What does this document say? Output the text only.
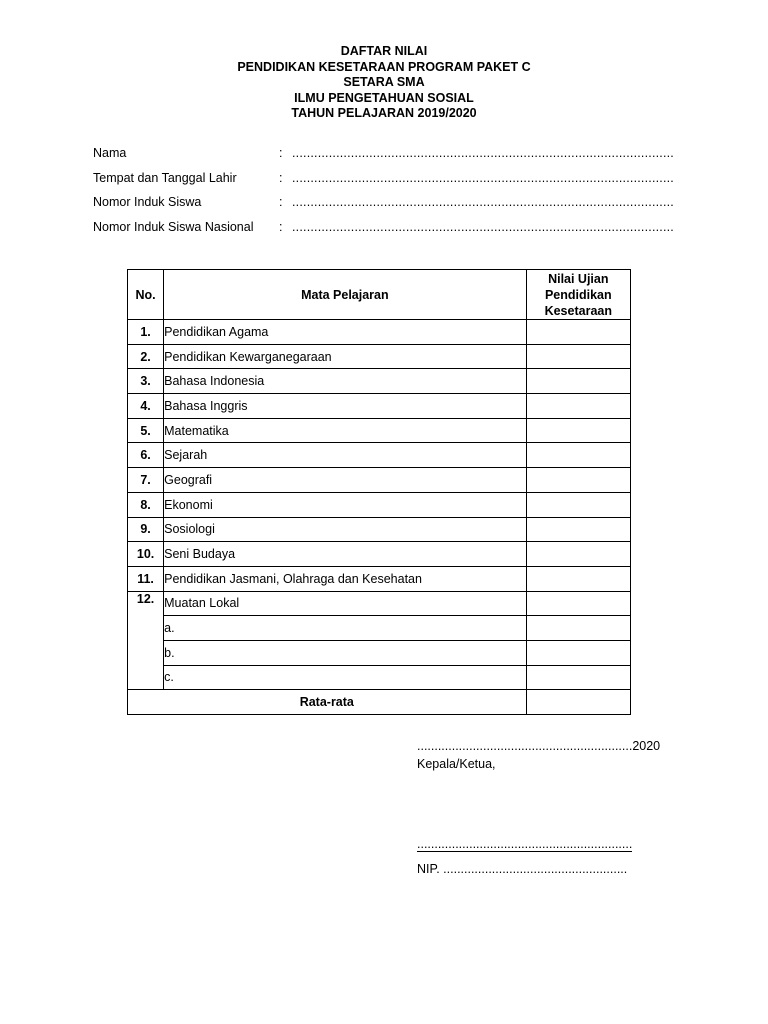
DAFTAR NILAI
PENDIDIKAN KESETARAAN PROGRAM PAKET C
SETARA SMA
ILMU PENGETAHUAN SOSIAL
TAHUN PELAJARAN 2019/2020
Nama	: ........................................................................................................
Tempat dan Tanggal Lahir	: ........................................................................................................
Nomor Induk Siswa	: ........................................................................................................
Nomor Induk Siswa Nasional : ........................................................................................................
No.	Mata Pelajaran	Nilai Ujian
Pendidikan
Kesetaraan

1.	Pendidikan Agama	
2.	Pendidikan Kewarganegaraan	
3.	Bahasa Indonesia	
4.	Bahasa Inggris	
5.	Matematika	
6.	Sejarah	
7.	Geografi	
8.	Ekonomi	
9.	Sosiologi	
10.	Seni Budaya	
11.	Pendidikan Jasmani, Olahraga dan Kesehatan	
12.	Muatan Lokal	
	a.	
	b.	
	c.	
Rata-rata		
..............................................................2020
Kepala/Ketua,
..............................................................
NIP. .....................................................
